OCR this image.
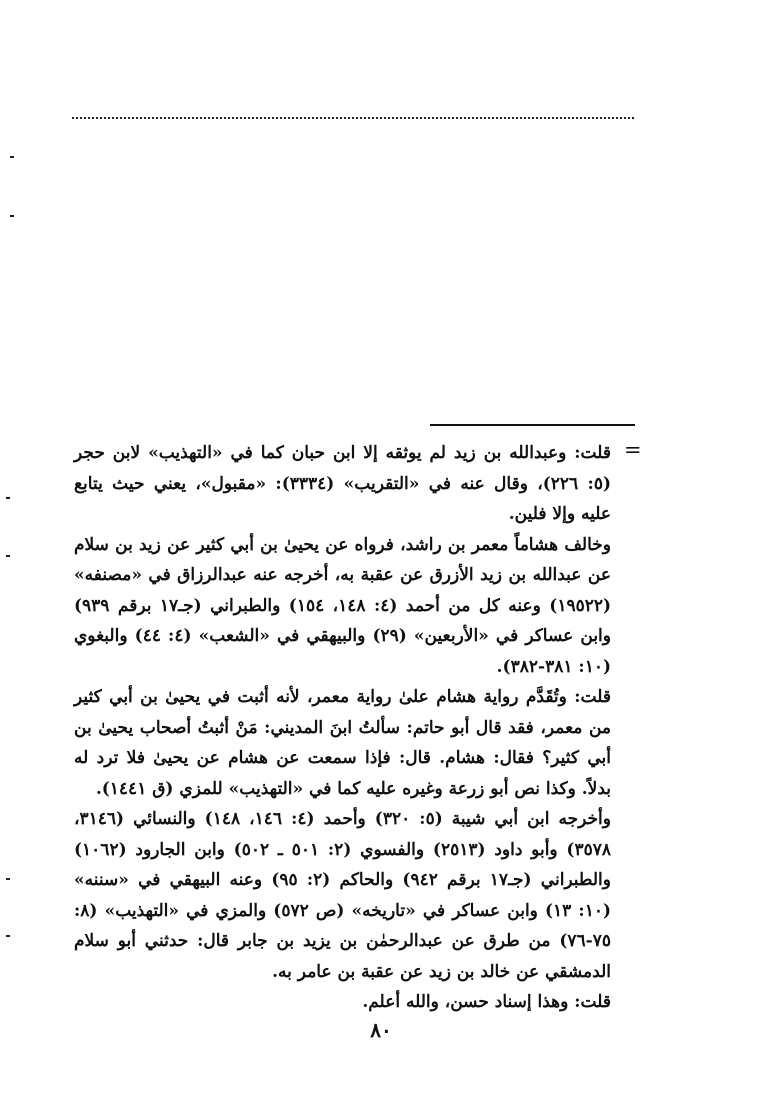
=

قلت: وعبدالله بن زيد لم يوثقه إلا ابن حبان كما في «التهذيب» لابن حجر (٥: ٢٢٦)، وقال عنه في «التقريب» (٣٣٣٤): «مقبول»، يعني حيث يتابع عليه وإلا فلين.

وخالف هشاماً معمر بن راشد، فرواه عن يحيىٰ بن أبي كثير عن زيد بن سلام عن عبدالله بن زيد الأزرق عن عقبة به، أخرجه عنه عبدالرزاق في «مصنفه» (١٩٥٢٢) وعنه كل من أحمد (٤: ١٤٨، ١٥٤) والطبراني (جـ١٧ برقم ٩٣٩) وابن عساكر في «الأربعين» (٢٩) والبيهقي في «الشعب» (٤: ٤٤) والبغوي (١٠: ٣٨١-٣٨٢).

قلت: وتُقَدَّم رواية هشام علىٰ رواية معمر، لأنه أثبت في يحيىٰ بن أبي كثير من معمر، فقد قال أبو حاتم: سألتُ ابنَ المديني: مَنْ أثبتُ أصحاب يحيىٰ بن أبي كثير؟ فقال: هشام. قال: فإذا سمعت عن هشام عن يحيىٰ فلا ترد له بدلاً. وكذا نص أبو زرعة وغيره عليه كما في «التهذيب» للمزي (ق ١٤٤١).

وأخرجه ابن أبي شيبة (٥: ٣٢٠) وأحمد (٤: ١٤٦، ١٤٨) والنسائي (٣١٤٦، ٣٥٧٨) وأبو داود (٢٥١٣) والفسوي (٢: ٥٠١ ـ ٥٠٢) وابن الجارود (١٠٦٢) والطبراني (جـ١٧ برقم ٩٤٢) والحاكم (٢: ٩٥) وعنه البيهقي في «سننه» (١٠: ١٣) وابن عساكر في «تاريخه» (ص ٥٧٢) والمزي في «التهذيب» (٨: ٧٥-٧٦) من طرق عن عبدالرحمٰن بن يزيد بن جابر قال: حدثني أبو سلام الدمشقي عن خالد بن زيد عن عقبة بن عامر به.

قلت: وهذا إسناد حسن، والله أعلم.

٨٠
